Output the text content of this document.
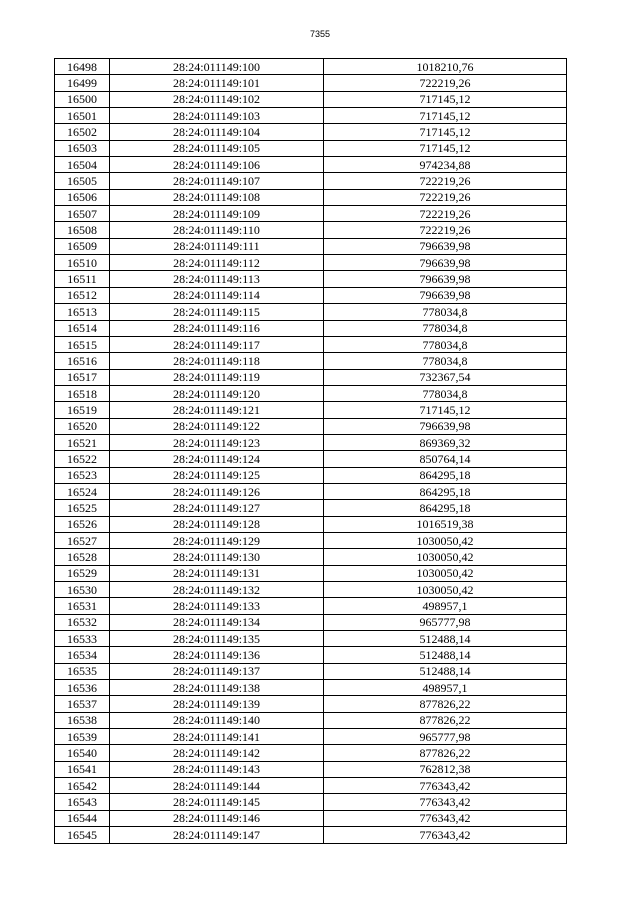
7355
16498	28:24:011149:100	1018210,76
16499	28:24:011149:101	722219,26
16500	28:24:011149:102	717145,12
16501	28:24:011149:103	717145,12
16502	28:24:011149:104	717145,12
16503	28:24:011149:105	717145,12
16504	28:24:011149:106	974234,88
16505	28:24:011149:107	722219,26
16506	28:24:011149:108	722219,26
16507	28:24:011149:109	722219,26
16508	28:24:011149:110	722219,26
16509	28:24:011149:111	796639,98
16510	28:24:011149:112	796639,98
16511	28:24:011149:113	796639,98
16512	28:24:011149:114	796639,98
16513	28:24:011149:115	778034,8
16514	28:24:011149:116	778034,8
16515	28:24:011149:117	778034,8
16516	28:24:011149:118	778034,8
16517	28:24:011149:119	732367,54
16518	28:24:011149:120	778034,8
16519	28:24:011149:121	717145,12
16520	28:24:011149:122	796639,98
16521	28:24:011149:123	869369,32
16522	28:24:011149:124	850764,14
16523	28:24:011149:125	864295,18
16524	28:24:011149:126	864295,18
16525	28:24:011149:127	864295,18
16526	28:24:011149:128	1016519,38
16527	28:24:011149:129	1030050,42
16528	28:24:011149:130	1030050,42
16529	28:24:011149:131	1030050,42
16530	28:24:011149:132	1030050,42
16531	28:24:011149:133	498957,1
16532	28:24:011149:134	965777,98
16533	28:24:011149:135	512488,14
16534	28:24:011149:136	512488,14
16535	28:24:011149:137	512488,14
16536	28:24:011149:138	498957,1
16537	28:24:011149:139	877826,22
16538	28:24:011149:140	877826,22
16539	28:24:011149:141	965777,98
16540	28:24:011149:142	877826,22
16541	28:24:011149:143	762812,38
16542	28:24:011149:144	776343,42
16543	28:24:011149:145	776343,42
16544	28:24:011149:146	776343,42
16545	28:24:011149:147	776343,42
